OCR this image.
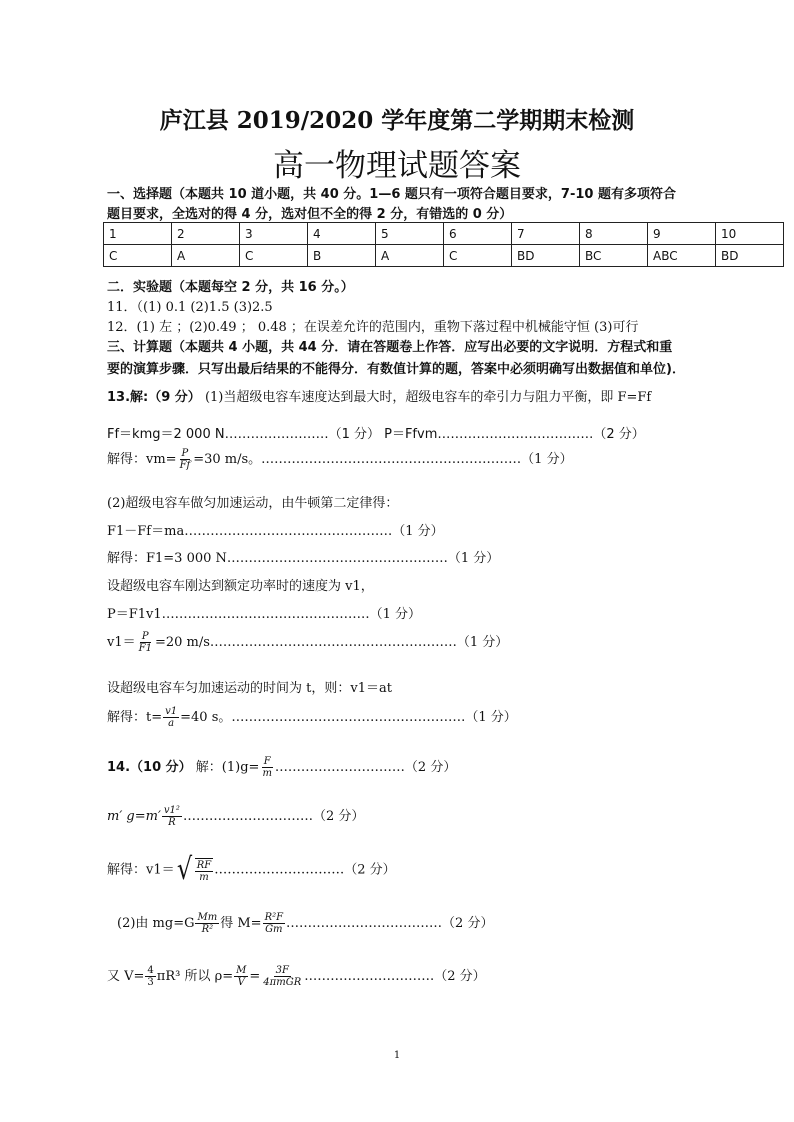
庐江县 2019/2020 学年度第二学期期末检测
高一物理试题答案
一、选择题（本题共 10 道小题，共 40 分。1—6 题只有一项符合题目要求，7-10 题有多项符合
题目要求，全选对的得 4 分，选对但不全的得 2 分，有错选的 0 分）
1	2	3	4	5	6	7	8	9	10
C	A	C	B	A	C	BD	BC	ABC	BD
二．实验题（本题每空 2 分，共 16 分。）
11．（(1) 0.1 (2)1.5 (3)2.5
12．(1) 左 ；(2)0.49 ； 0.48 ；在误差允许的范围内，重物下落过程中机械能守恒 (3)可行
三、计算题（本题共 4 小题，共 44 分．请在答题卷上作答．应写出必要的文字说明．方程式和重
要的演算步骤．只写出最后结果的不能得分．有数值计算的题，答案中必须明确写出数据值和单位)．
13.解:（9 分） (1)当超级电容车速度达到最大时，超级电容车的牵引力与阻力平衡，即 F=Ff
Ff＝kmg＝2 000 N……………………（1 分） P＝Ffvm………………………………（2 分）
解得：$vm= \frac{P}{Ff} =30$ m/s。……………………………………………………（1 分）
(2)超级电容车做匀加速运动，由牛顿第二定律得：
F1－Ff＝ma…………………………………………（1 分）
解得：F1=3 000 N……………………………………………（1 分）
设超级电容车刚达到额定功率时的速度为 v1，
P＝F1v1…………………………………………（1 分）
$v1= \frac{P}{F1} =20$ m/s…………………………………………………（1 分）
设超级电容车匀加速运动的时间为 t，则：v1＝at
解得：$t= \frac{v1}{a} =40$ s。………………………………………………（1 分）
14.（10 分） 解：$(1)g= \frac{F}{m}$ …………………………（2 分）
m′ $g=m' \frac{\text{v1²}}{R}$ …………………………（2 分）
解得：v1＝ √ $\frac{RF}{m}$ …………………………（2 分）
(2)由 $mg=G \frac{Mm}{\text{R²}}$ 得 $M= \frac{\text{R²F}}{Gm}$ ………………………………（2 分）
又 $V= \frac{4}{3} \pi R^3$ 所以 $\rho= \frac{M}{V} = \frac{3F}{\text{4πmGR}}$ …………………………（2 分）
1
